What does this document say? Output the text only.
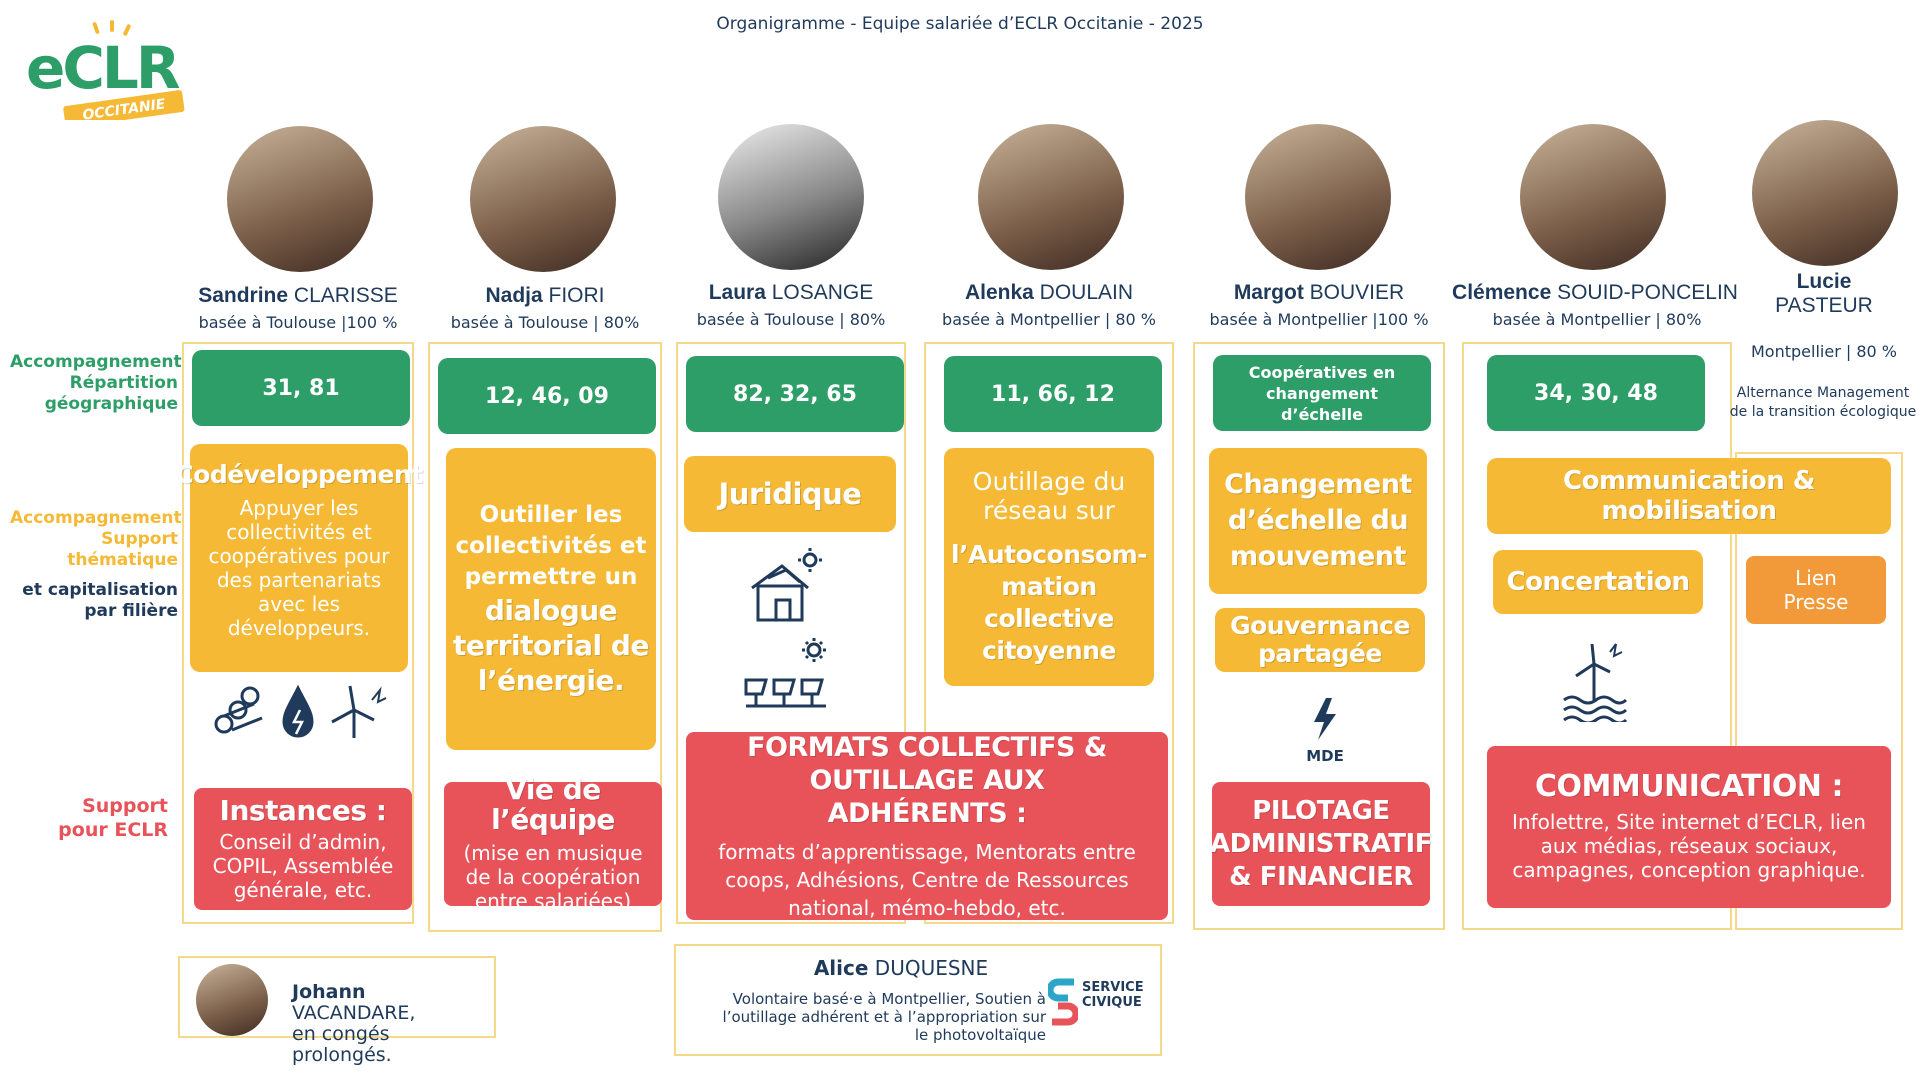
Organigramme - Equipe salariée d’ECLR Occitanie - 2025
eCLR
OCCITANIE
Accompagnement
Répartition
géographique
Accompagnement
Support
thématique
et capitalisation
par filière
Support
pour ECLR
Sandrine CLARISSE
basée à Toulouse |100 %
Nadja FIORI
basée à Toulouse | 80%
Laura LOSANGE
basée à Toulouse | 80%
Alenka DOULAIN
basée à Montpellier | 80 %
Margot BOUVIER
basée à Montpellier |100 %
Clémence SOUID-PONCELIN
basée à Montpellier | 80%
Lucie
PASTEUR
Montpellier | 80 %
Alternance Management de la transition écologique
31, 81	12, 46, 09	82, 32, 65	11, 66, 12
Coopératives en changement d’échelle
34, 30, 48
Codéveloppement
Appuyer les collectivités et coopératives pour des partenariats avec les développeurs.
Outiller les collectivités et permettre un
dialogue territorial de l’énergie.
Juridique	Outillage du réseau sur
l’Autoconsom-mation collective citoyenne
Changement d’échelle du mouvement
Gouvernance partagée
Communication & mobilisation
Concertation	Lien Presse
MDE
Instances :
Conseil d’admin, COPIL, Assemblée générale, etc.
Vie de l’équipe
(mise en musique de la coopération entre salariées)
FORMATS COLLECTIFS & OUTILLAGE AUX ADHÉRENTS :
formats d’apprentissage, Mentorats entre coops, Adhésions, Centre de Ressources national, mémo-hebdo, etc.
PILOTAGE ADMINISTRATIF & FINANCIER
COMMUNICATION :
Infolettre, Site internet d’ECLR, lien aux médias, réseaux sociaux, campagnes, conception graphique.
Johann VACANDARE,
en congés prolongés.
Alice DUQUESNE
Volontaire basé·e à Montpellier, Soutien à l’outillage adhérent et à l’appropriation sur le photovoltaïque
SERVICE
CIVIQUE
